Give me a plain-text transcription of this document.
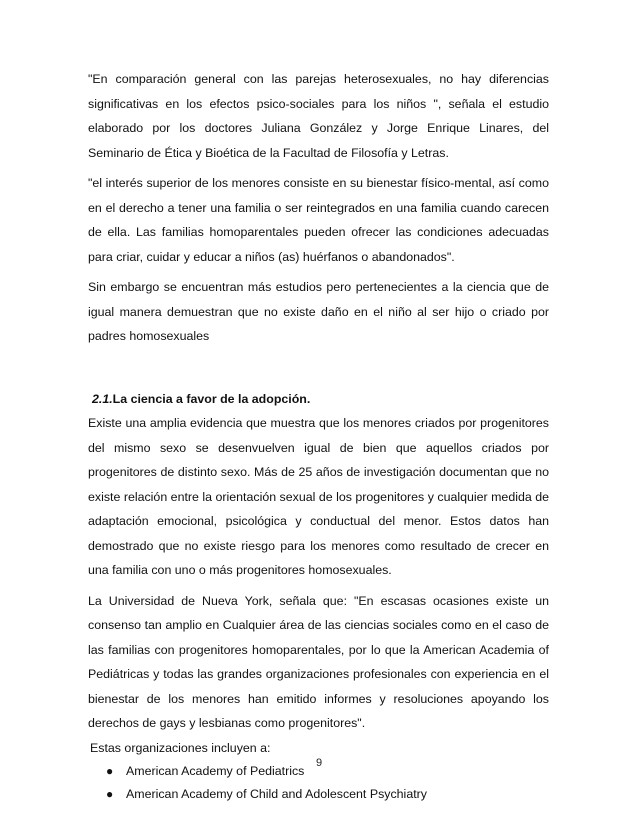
"En comparación general con las parejas heterosexuales, no hay diferencias significativas en los efectos psico-sociales para los niños ", señala el estudio elaborado por los doctores Juliana González y Jorge Enrique Linares, del Seminario de Ética y Bioética de la Facultad de Filosofía y Letras.

"el interés superior de los menores consiste en su bienestar físico-mental, así como en el derecho a tener una familia o ser reintegrados en una familia cuando carecen de ella. Las familias homoparentales pueden ofrecer las condiciones adecuadas para criar, cuidar y educar a niños (as) huérfanos o abandonados".

Sin embargo se encuentran más estudios pero pertenecientes a la ciencia que de igual manera demuestran que no existe daño en el niño al ser hijo o criado por padres homosexuales

2.1.La ciencia a favor de la adopción.

Existe una amplia evidencia que muestra que los menores criados por progenitores del mismo sexo se desenvuelven igual de bien que aquellos criados por progenitores de distinto sexo. Más de 25 años de investigación documentan que no existe relación entre la orientación sexual de los progenitores y cualquier medida de adaptación emocional, psicológica y conductual del menor. Estos datos han demostrado que no existe riesgo para los menores como resultado de crecer en una familia con uno o más progenitores homosexuales.

La Universidad de Nueva York, señala que: "En escasas ocasiones existe un consenso tan amplio en Cualquier área de las ciencias sociales como en el caso de las familias con progenitores homoparentales, por lo que la American Academia of Pediátricas y todas las grandes organizaciones profesionales con experiencia en el bienestar de los menores han emitido informes y resoluciones apoyando los derechos de gays y lesbianas como progenitores".

Estas organizaciones incluyen a:

● American Academy of Pediatrics
● American Academy of Child and Adolescent Psychiatry
9
